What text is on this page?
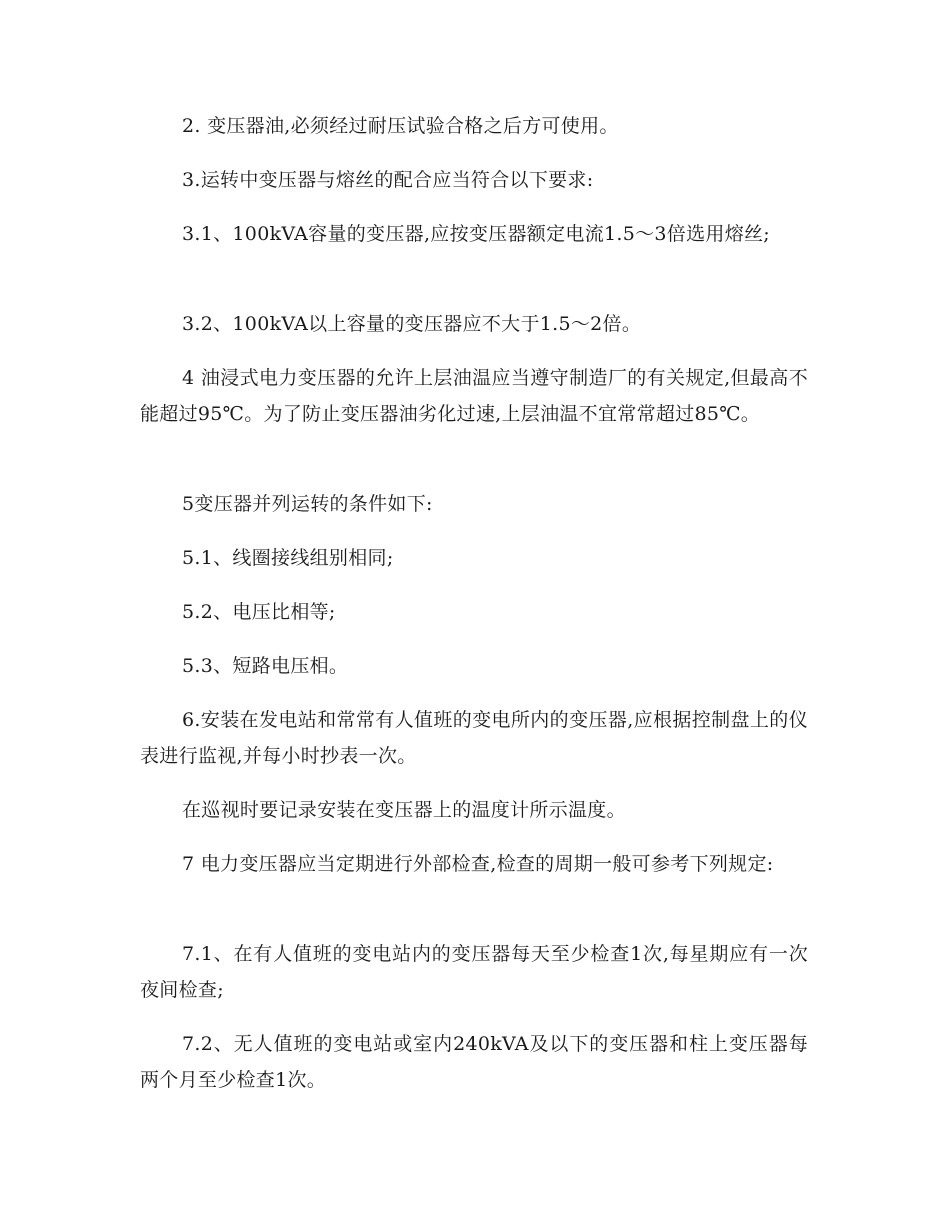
2. 变压器油,必须经过耐压试验合格之后方可使用。

3.运转中变压器与熔丝的配合应当符合以下要求:

3.1、100kVA容量的变压器,应按变压器额定电流1.5～3倍选用熔丝;

3.2、100kVA以上容量的变压器应不大于1.5～2倍。

4 油浸式电力变压器的允许上层油温应当遵守制造厂的有关规定,但最高不能超过95℃。为了防止变压器油劣化过速,上层油温不宜常常超过85℃。

5变压器并列运转的条件如下:

5.1、线圈接线组别相同;

5.2、电压比相等;

5.3、短路电压相。

6.安装在发电站和常常有人值班的变电所内的变压器,应根据控制盘上的仪表进行监视,并每小时抄表一次。

在巡视时要记录安装在变压器上的温度计所示温度。

7 电力变压器应当定期进行外部检查,检查的周期一般可参考下列规定:

7.1、在有人值班的变电站内的变压器每天至少检查1次,每星期应有一次夜间检查;

7.2、无人值班的变电站或室内240kVA及以下的变压器和柱上变压器每两个月至少检查1次。
